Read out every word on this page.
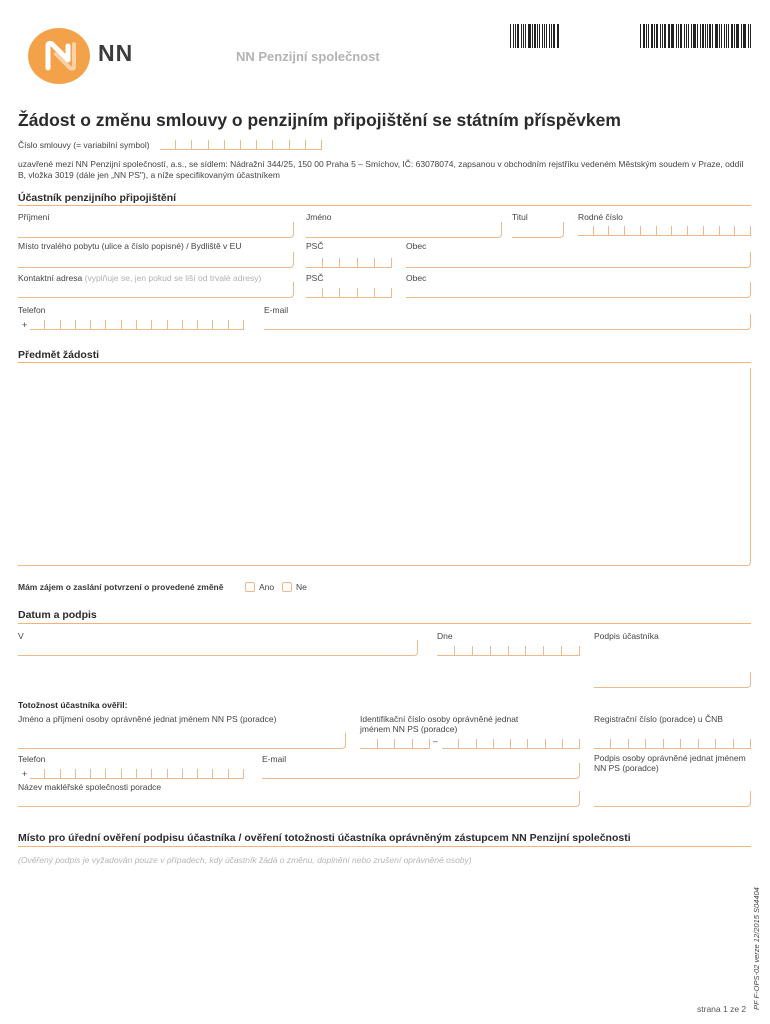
NN	NN Penzijní společnost
Žádost o změnu smlouvy o penzijním připojištění se státním příspěvkem
Číslo smlouvy (= variabilní symbol)
uzavřené mezi NN Penzijní společností, a.s., se sídlem: Nádražní 344/25, 150 00 Praha 5 – Smíchov, IČ: 63078074, zapsanou v obchodním rejstříku vedeném Městským soudem v Praze, oddíl B, vložka 3019 (dále jen „NN PS"), a níže specifikovaným účastníkem
Účastník penzijního připojištění
Příjmení	Jméno	Titul	Rodné číslo
Místo trvalého pobytu (ulice a číslo popisné) / Bydliště v EU	PSČ	Obec
Kontaktní adresa (vyplňuje se, jen pokud se liší od trvalé adresy)	PSČ	Obec
Telefon
+
E-mail
Předmět žádosti
Mám zájem o zaslání potvrzení o provedené změně	Ano	Ne
Datum a podpis
V	Dne	Podpis účastníka
Totožnost účastníka ověřil:
Jméno a příjmení osoby oprávněné jednat jménem NN PS (poradce)	Identifikační číslo osoby oprávněné jednat jménem NN PS (poradce)
–
Registrační číslo (poradce) u ČNB
Telefon
+
E-mail	Podpis osoby oprávněné jednat jménem NN PS (poradce)
Název makléřské společnosti poradce
Místo pro úřední ověření podpisu účastníka / ověření totožnosti účastníka oprávněným zástupcem NN Penzijní společnosti
(Ověřený podpis je vyžadován pouze v případech, kdy účastník žádá o změnu, doplnění nebo zrušení oprávněné osoby)
PF F-OPS-02 verze 12/2015 S04404
strana 1 ze 2
